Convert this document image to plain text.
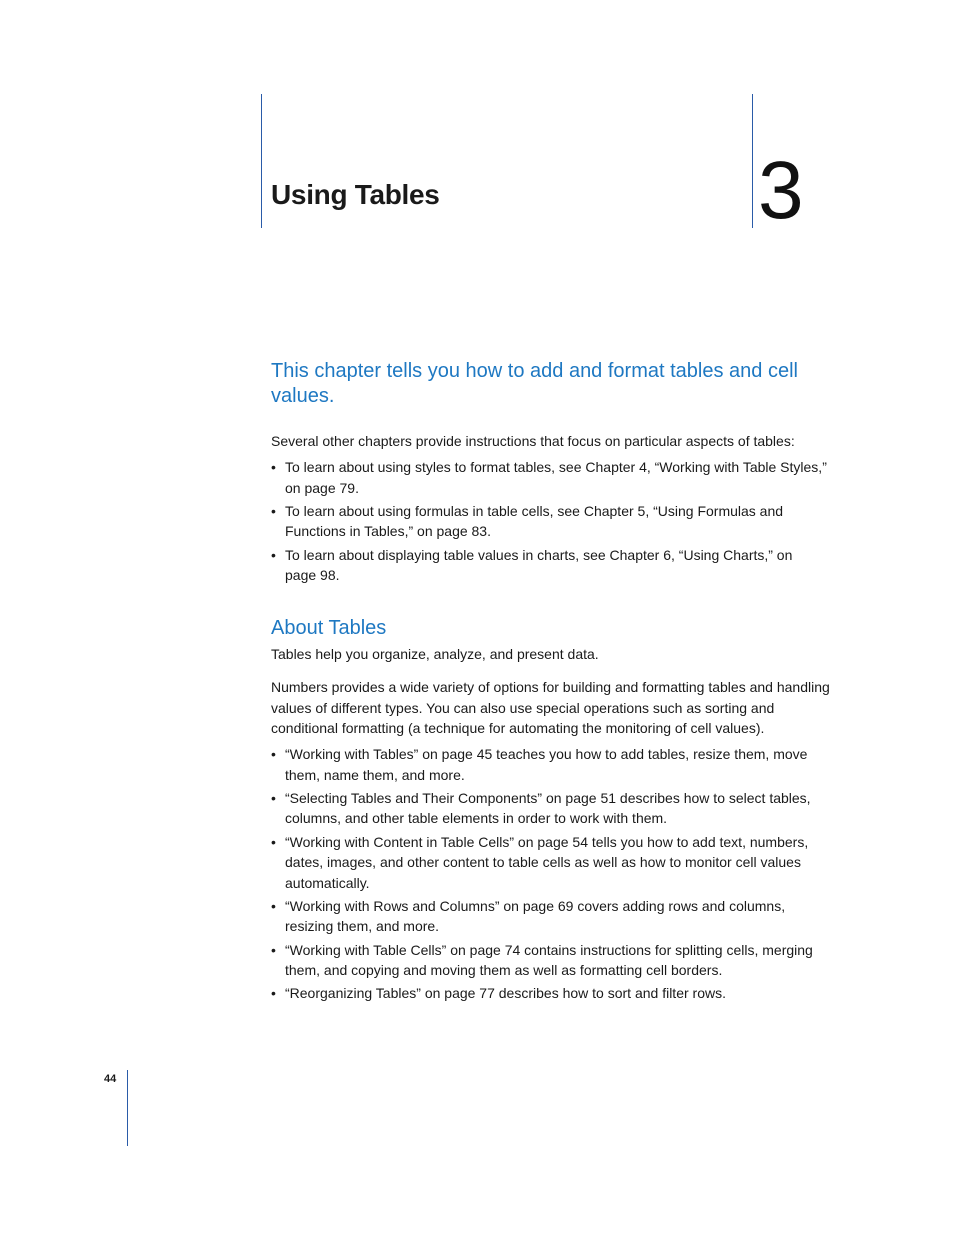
Using Tables	3

This chapter tells you how to add and format tables and cell values.

Several other chapters provide instructions that focus on particular aspects of tables:

• To learn about using styles to format tables, see Chapter 4, “Working with Table Styles,” on page 79.
• To learn about using formulas in table cells, see Chapter 5, “Using Formulas and Functions in Tables,” on page 83.
• To learn about displaying table values in charts, see Chapter 6, “Using Charts,” on page 98.
About Tables

Tables help you organize, analyze, and present data.

Numbers provides a wide variety of options for building and formatting tables and handling values of different types. You can also use special operations such as sorting and conditional formatting (a technique for automating the monitoring of cell values).

• “Working with Tables” on page 45 teaches you how to add tables, resize them, move them, name them, and more.
• “Selecting Tables and Their Components” on page 51 describes how to select tables, columns, and other table elements in order to work with them.
• “Working with Content in Table Cells” on page 54 tells you how to add text, numbers, dates, images, and other content to table cells as well as how to monitor cell values automatically.
• “Working with Rows and Columns” on page 69 covers adding rows and columns, resizing them, and more.
• “Working with Table Cells” on page 74 contains instructions for splitting cells, merging them, and copying and moving them as well as formatting cell borders.
• “Reorganizing Tables” on page 77 describes how to sort and filter rows.
44
